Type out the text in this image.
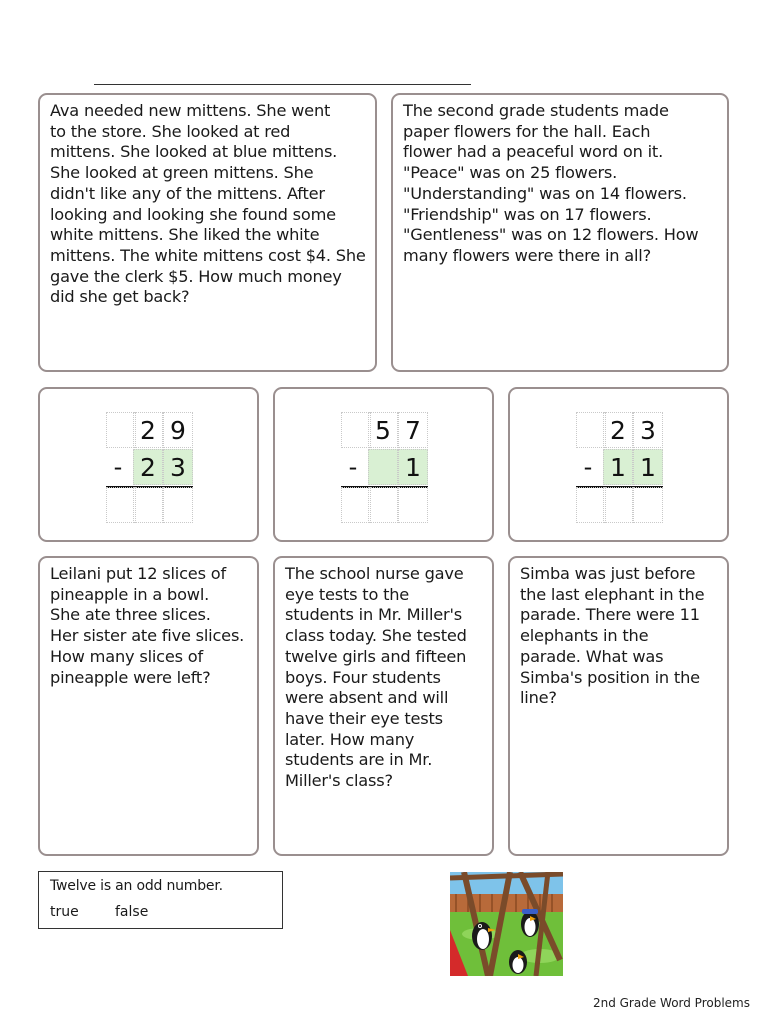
Ava needed new mittens. She went
to the store. She looked at red
mittens. She looked at blue mittens.
She looked at green mittens. She
didn't like any of the mittens. After
looking and looking she found some
white mittens. She liked the white
mittens. The white mittens cost $4. She
gave the clerk $5. How much money
did she get back?
The second grade students made
paper flowers for the hall. Each
flower had a peaceful word on it.
"Peace" was on 25 flowers.
"Understanding" was on 14 flowers.
"Friendship" was on 17 flowers.
"Gentleness" was on 12 flowers. How
many flowers were there in all?
2 9
- 2 3
5 7
- 1
2 3
- 1 1
Leilani put 12 slices of
pineapple in a bowl.
She ate three slices.
Her sister ate five slices.
How many slices of
pineapple were left?
The school nurse gave
eye tests to the
students in Mr. Miller's
class today. She tested
twelve girls and fifteen
boys. Four students
were absent and will
have their eye tests
later. How many
students are in Mr.
Miller's class?
Simba was just before
the last elephant in the
parade. There were 11
elephants in the
parade. What was
Simba's position in the
line?
Twelve is an odd number.
true	false
2nd Grade Word Problems
